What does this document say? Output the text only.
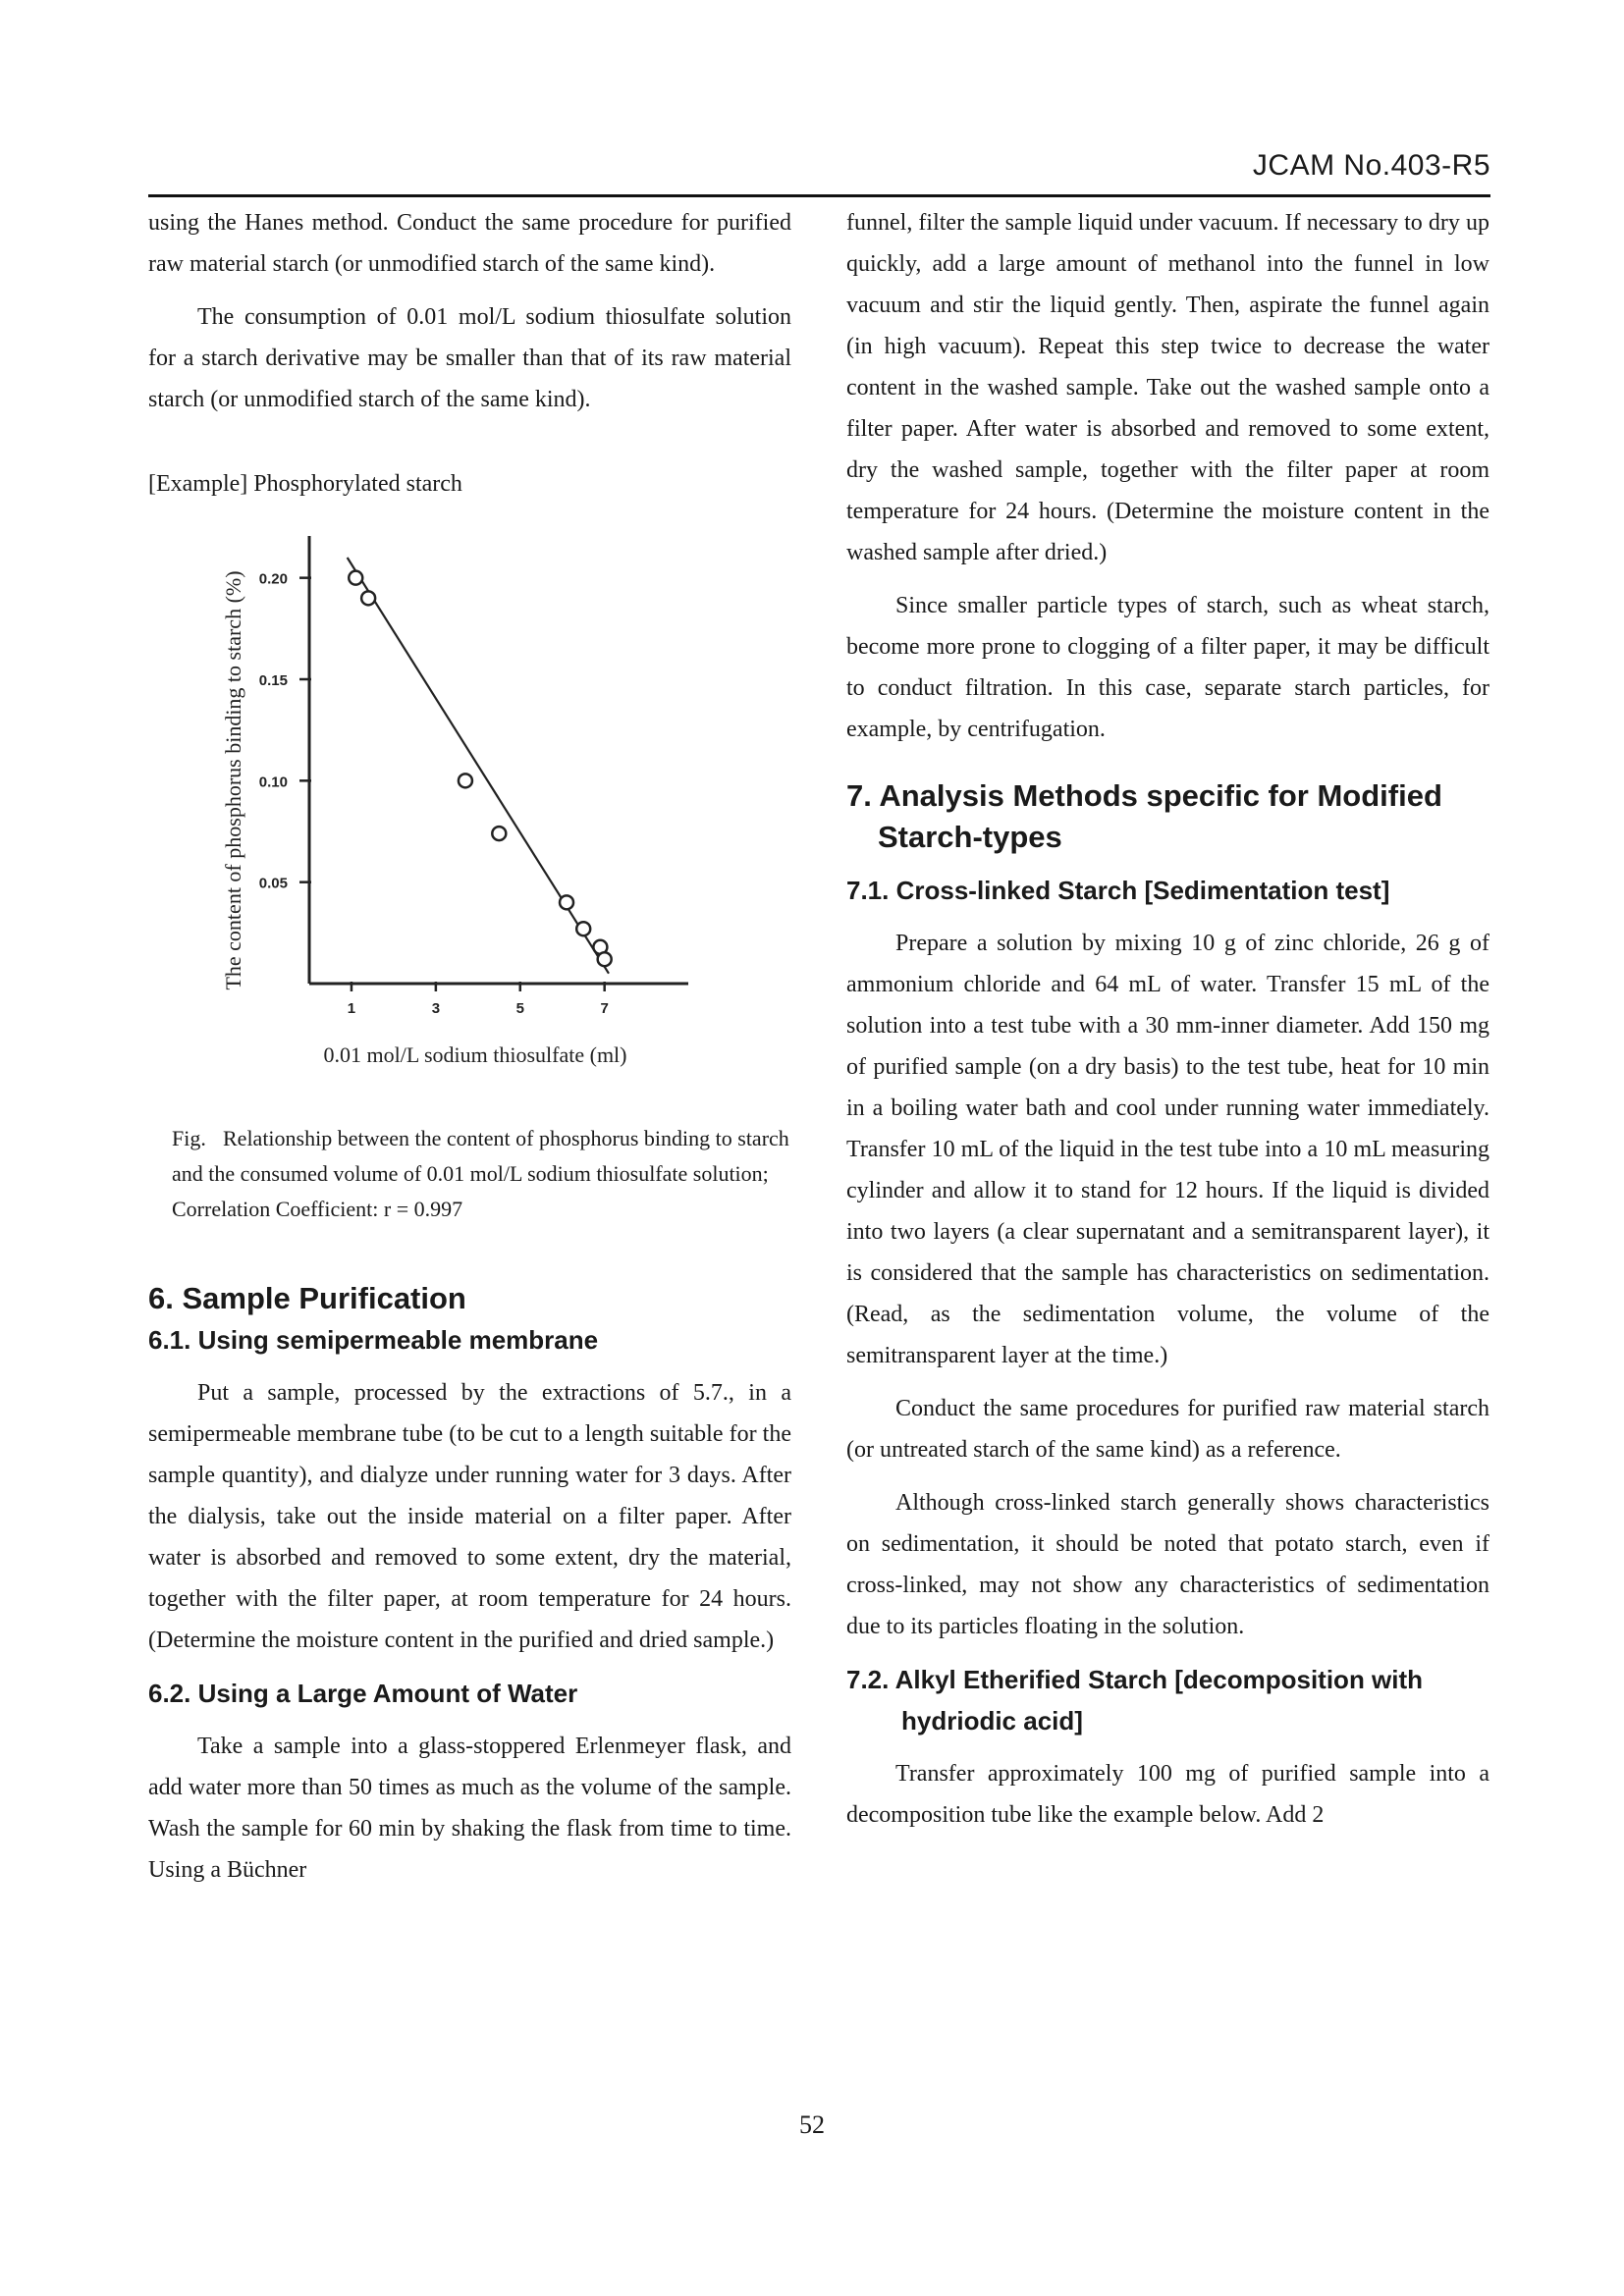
JCAM No.403-R5

using the Hanes method. Conduct the same procedure for purified raw material starch (or unmodified starch of the same kind).

The consumption of 0.01 mol/L sodium thiosulfate solution for a starch derivative may be smaller than that of its raw material starch (or unmodified starch of the same kind).

[Example] Phosphorylated starch

0.20
0.15
0.10
0.05
1	3	5	7
The content of phosphorus binding to starch (%)
0.01 mol/L sodium thiosulfate (ml)
Fig. Relationship between the content of phosphorus binding to starch and the consumed volume of 0.01 mol/L sodium thiosulfate solution; Correlation Coefficient: r = 0.997
6. Sample Purification
6.1. Using semipermeable membrane

Put a sample, processed by the extractions of 5.7., in a semipermeable membrane tube (to be cut to a length suitable for the sample quantity), and dialyze under running water for 3 days. After the dialysis, take out the inside material on a filter paper. After water is absorbed and removed to some extent, dry the material, together with the filter paper, at room temperature for 24 hours. (Determine the moisture content in the purified and dried sample.)

6.2. Using a Large Amount of Water

Take a sample into a glass-stoppered Erlenmeyer flask, and add water more than 50 times as much as the volume of the sample. Wash the sample for 60 min by shaking the flask from time to time. Using a Büchner

funnel, filter the sample liquid under vacuum. If necessary to dry up quickly, add a large amount of methanol into the funnel in low vacuum and stir the liquid gently. Then, aspirate the funnel again (in high vacuum). Repeat this step twice to decrease the water content in the washed sample. Take out the washed sample onto a filter paper. After water is absorbed and removed to some extent, dry the washed sample, together with the filter paper at room temperature for 24 hours. (Determine the moisture content in the washed sample after dried.)

Since smaller particle types of starch, such as wheat starch, become more prone to clogging of a filter paper, it may be difficult to conduct filtration. In this case, separate starch particles, for example, by centrifugation.

7. Analysis Methods specific for Modified Starch-types
7.1. Cross-linked Starch [Sedimentation test]

Prepare a solution by mixing 10 g of zinc chloride, 26 g of ammonium chloride and 64 mL of water. Transfer 15 mL of the solution into a test tube with a 30 mm-inner diameter. Add 150 mg of purified sample (on a dry basis) to the test tube, heat for 10 min in a boiling water bath and cool under running water immediately. Transfer 10 mL of the liquid in the test tube into a 10 mL measuring cylinder and allow it to stand for 12 hours. If the liquid is divided into two layers (a clear supernatant and a semitransparent layer), it is considered that the sample has characteristics on sedimentation. (Read, as the sedimentation volume, the volume of the semitransparent layer at the time.)

Conduct the same procedures for purified raw material starch (or untreated starch of the same kind) as a reference.

Although cross-linked starch generally shows characteristics on sedimentation, it should be noted that potato starch, even if cross-linked, may not show any characteristics of sedimentation due to its particles floating in the solution.

7.2. Alkyl Etherified Starch [decomposition with hydriodic acid]

Transfer approximately 100 mg of purified sample into a decomposition tube like the example below. Add 2

52
